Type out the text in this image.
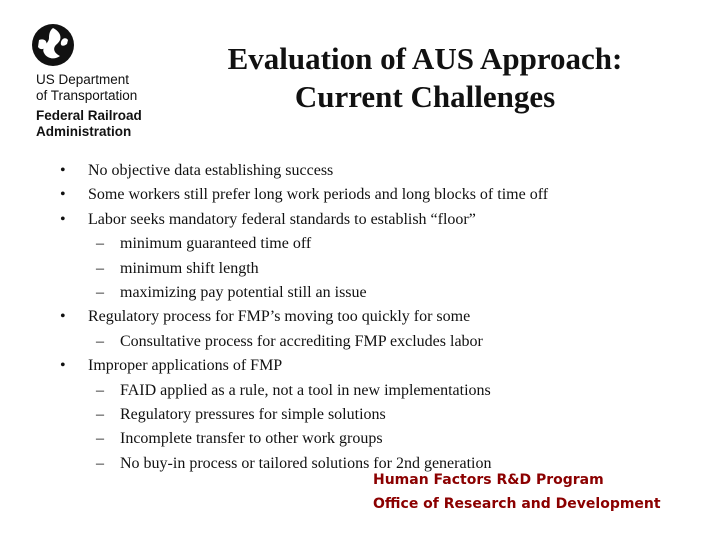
US Department
of Transportation
Federal Railroad
Administration
Evaluation of AUS Approach:
Current Challenges
• No objective data establishing success
• Some workers still prefer long work periods and long blocks of time off
• Labor seeks mandatory federal standards to establish “floor”
– minimum guaranteed time off
– minimum shift length
– maximizing pay potential still an issue
• Regulatory process for FMP’s moving too quickly for some
– Consultative process for accrediting FMP excludes labor
• Improper applications of FMP
– FAID applied as a rule, not a tool in new implementations
– Regulatory pressures for simple solutions
– Incomplete transfer to other work groups
– No buy-in process or tailored solutions for 2nd generation
Human Factors R&D Program
Office of Research and Development
